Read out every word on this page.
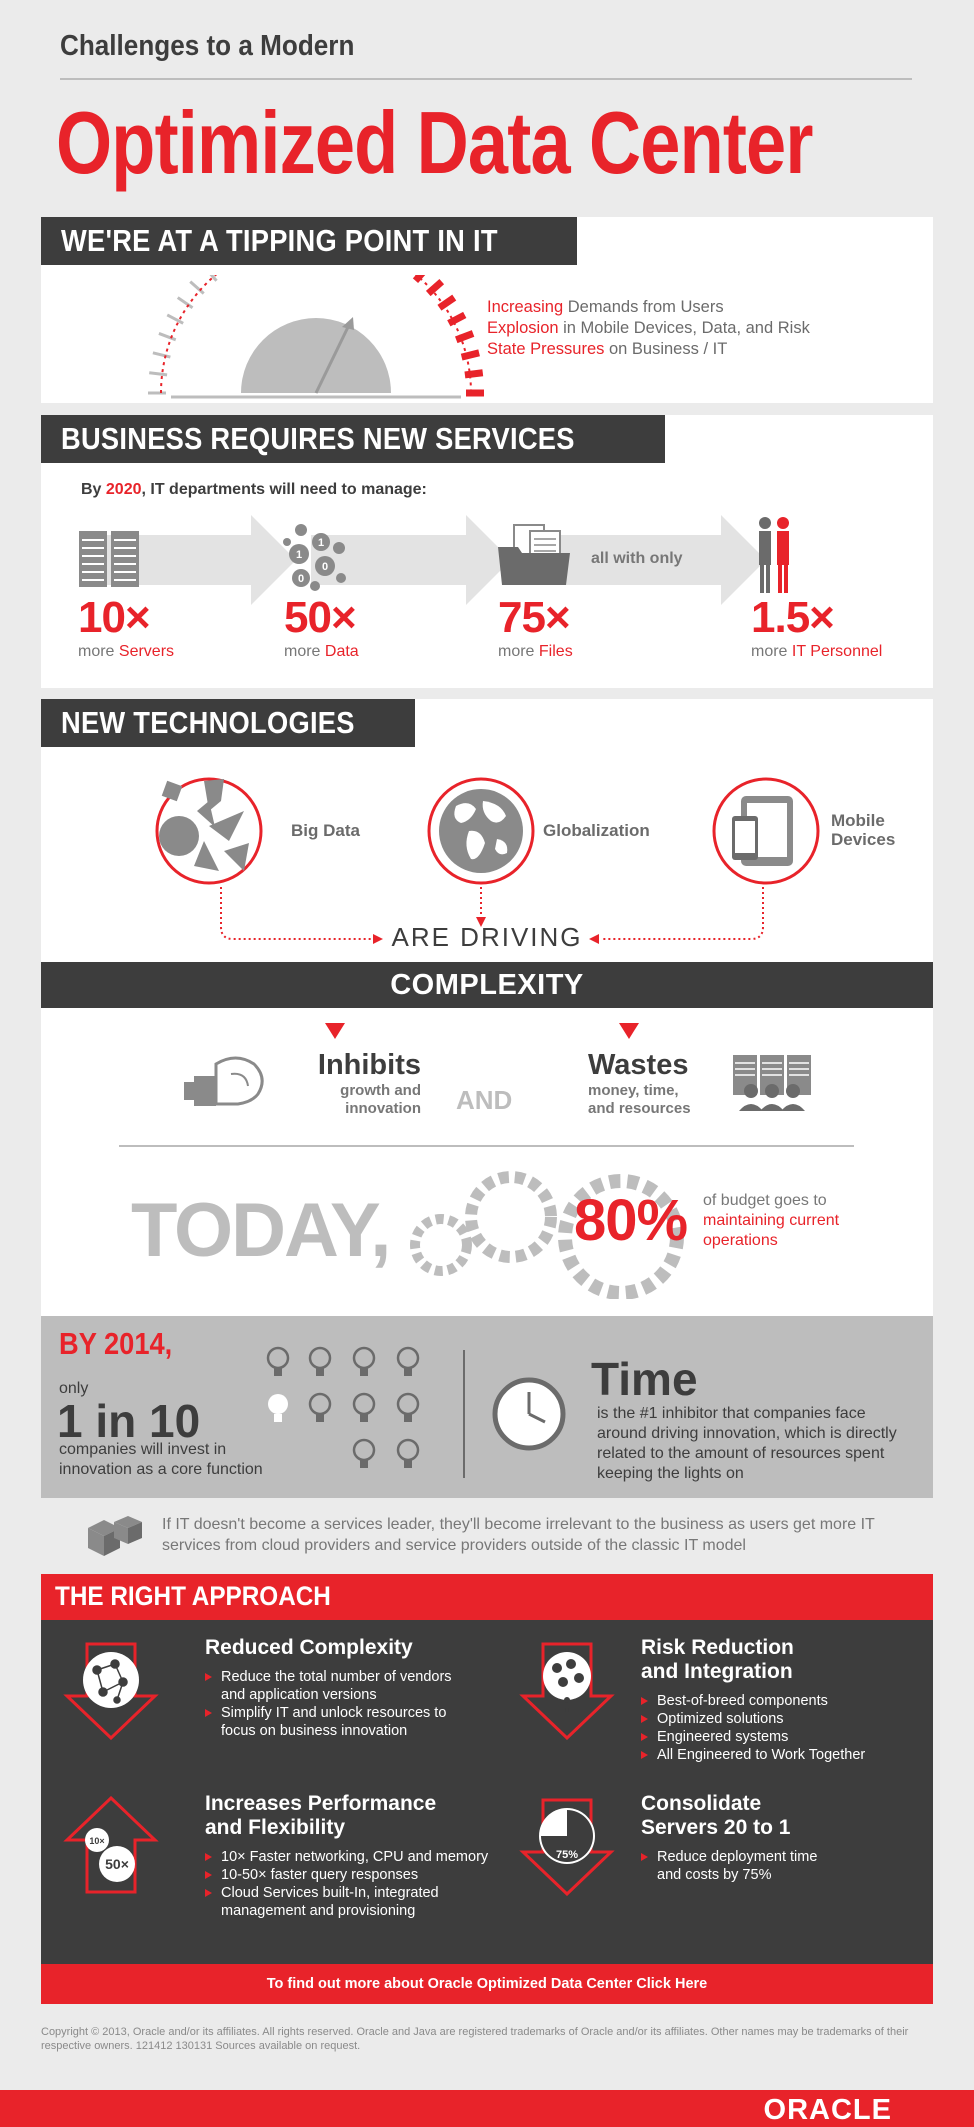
Challenges to a Modern
Optimized Data Center
WE'RE AT A TIPPING POINT IN IT
Increasing Demands from Users
Explosion in Mobile Devices, Data, and Risk
State Pressures on Business / IT
BUSINESS REQUIRES NEW SERVICES
By 2020, IT departments will need to manage:
1
1
0
0
all with only
10×
more Servers
50×
more Data
75×
more Files
1.5×
more IT Personnel
NEW TECHNOLOGIES
Big Data	Globalization
Mobile Devices
ARE DRIVING
COMPLEXITY
Inhibits
growth and innovation AND
Wastes
money, time, and resources
TODAY,	80% of budget goes to
maintaining current operations
BY 2014,
only
1 in 10
companies will invest in innovation as a core function
Time
is the #1 inhibitor that companies face around driving innovation, which is directly related to the amount of resources spent keeping the lights on
If IT doesn't become a services leader, they'll become irrelevant to the business as users get more IT services from cloud providers and service providers outside of the classic IT model
THE RIGHT APPROACH
Reduced Complexity
Reduce the total number of vendors and application versions
Simplify IT and unlock resources to focus on business innovation
Risk Reduction and Integration
Best-of-breed components
Optimized solutions
Engineered systems
All Engineered to Work Together
10×
50×
Increases Performance and Flexibility
10× Faster networking, CPU and memory
10-50× faster query responses
Cloud Services built-In, integrated management and provisioning
75%
Consolidate Servers 20 to 1
Reduce deployment time and costs by 75%
To find out more about Oracle Optimized Data Center Click Here
Copyright © 2013, Oracle and/or its affiliates. All rights reserved. Oracle and Java are registered trademarks of Oracle and/or its affiliates. Other names may be trademarks of their respective owners. 121412 130131 Sources available on request.
ORACLE
